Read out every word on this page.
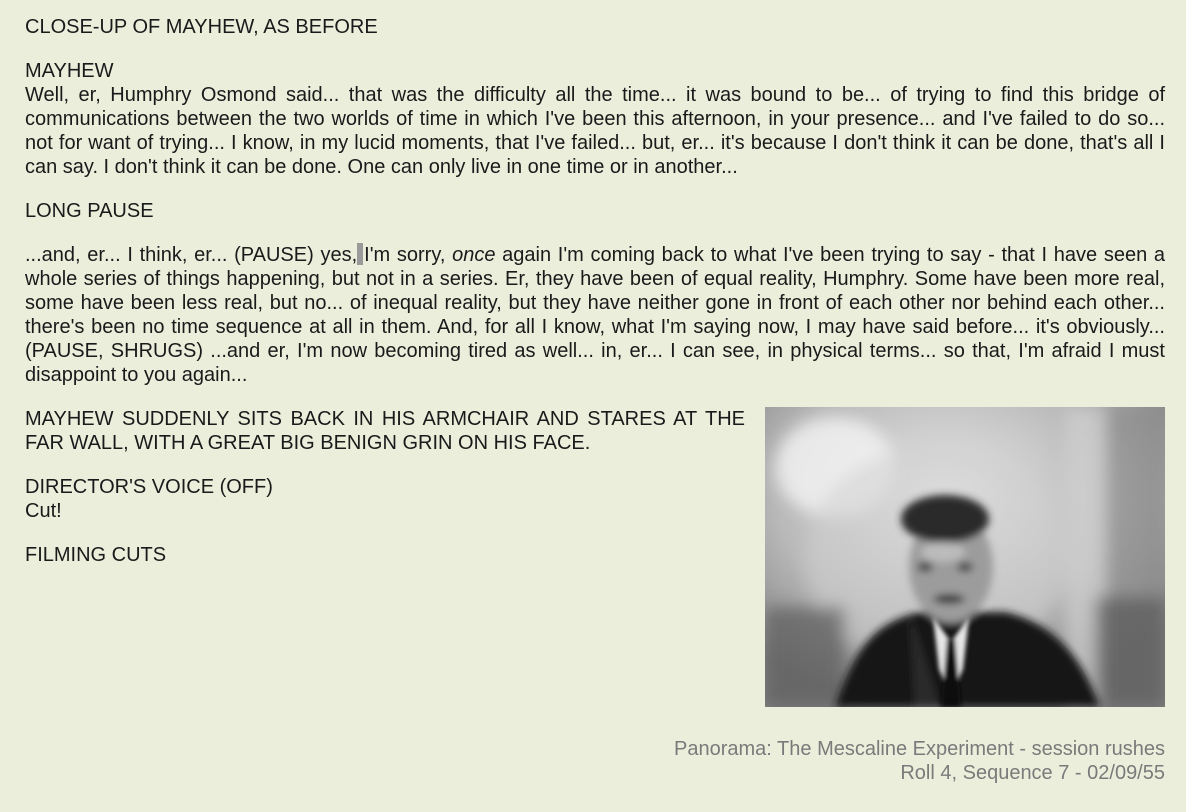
CLOSE-UP OF MAYHEW, AS BEFORE
MAYHEW
Well, er, Humphry Osmond said... that was the difficulty all the time... it was bound to be... of trying to find this bridge of communications between the two worlds of time in which I've been this afternoon, in your presence... and I've failed to do so... not for want of trying... I know, in my lucid moments, that I've failed... but, er... it's because I don't think it can be done, that's all I can say. I don't think it can be done. One can only live in one time or in another...
LONG PAUSE
...and, er... I think, er... (PAUSE) yes, I'm sorry, once again I'm coming back to what I've been trying to say - that I have seen a whole series of things happening, but not in a series. Er, they have been of equal reality, Humphry. Some have been more real, some have been less real, but no... of inequal reality, but they have neither gone in front of each other nor behind each other... there's been no time sequence at all in them. And, for all I know, what I'm saying now, I may have said before... it's obviously... (PAUSE, SHRUGS) ...and er, I'm now becoming tired as well... in, er... I can see, in physical terms... so that, I'm afraid I must disappoint to you again...
MAYHEW SUDDENLY SITS BACK IN HIS ARMCHAIR AND STARES AT THE FAR WALL, WITH A GREAT BIG BENIGN GRIN ON HIS FACE.
DIRECTOR'S VOICE (OFF)
Cut!
FILMING CUTS
Panorama: The Mescaline Experiment - session rushes
Roll 4, Sequence 7 - 02/09/55
